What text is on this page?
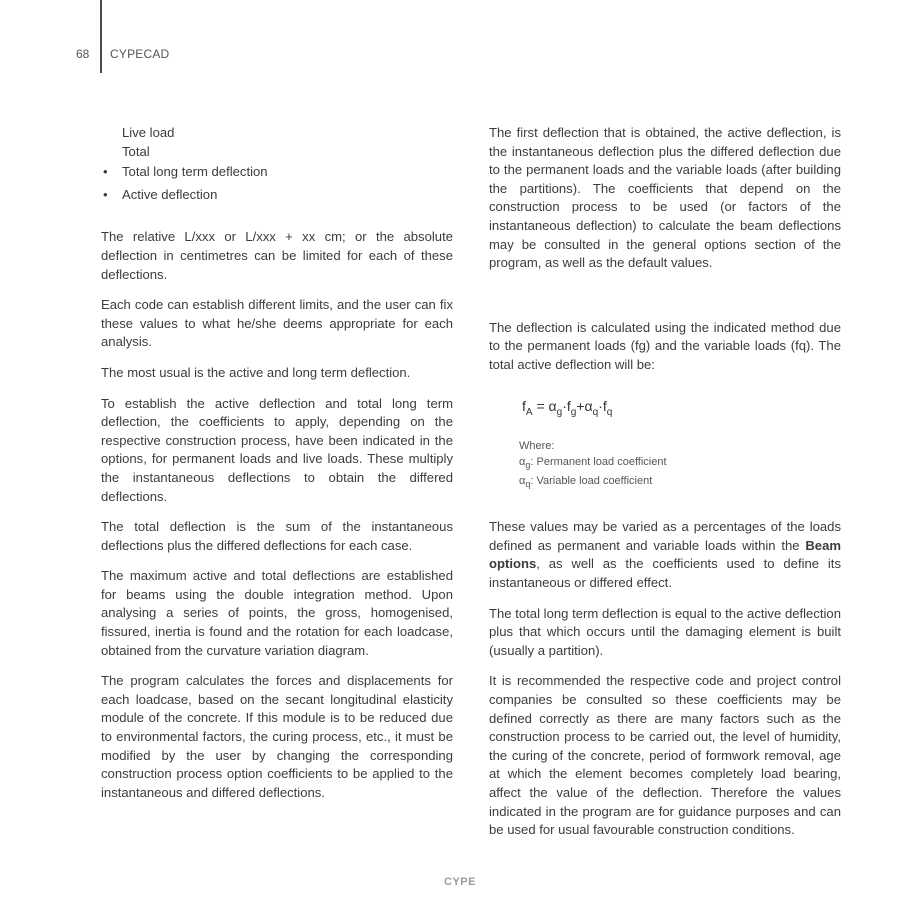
68 CYPECAD
Live load
Total
• Total long term deflection
• Active deflection

The relative L/xxx or L/xxx + xx cm; or the absolute deflection in centimetres can be limited for each of these deflections.

Each code can establish different limits, and the user can fix these values to what he/she deems appropriate for each analysis.

The most usual is the active and long term deflection.

To establish the active deflection and total long term deflection, the coefficients to apply, depending on the respective construction process, have been indicated in the options, for permanent loads and live loads. These multiply the instantaneous deflections to obtain the differed deflections.

The total deflection is the sum of the instantaneous deflections plus the differed deflections for each case.

The maximum active and total deflections are established for beams using the double integration method. Upon analysing a series of points, the gross, homogenised, fissured, inertia is found and the rotation for each loadcase, obtained from the curvature variation diagram.

The program calculates the forces and displacements for each loadcase, based on the secant longitudinal elasticity module of the concrete. If this module is to be reduced due to environmental factors, the curing process, etc., it must be modified by the user by changing the corresponding construction process option coefficients to be applied to the instantaneous and differed deflections.

The first deflection that is obtained, the active deflection, is the instantaneous deflection plus the differed deflection due to the permanent loads and the variable loads (after building the partitions). The coefficients that depend on the construction process to be used (or factors of the instantaneous deflection) to calculate the beam deflections may be consulted in the general options section of the program, as well as the default values.

The deflection is calculated using the indicated method due to the permanent loads (fg) and the variable loads (fq). The total active deflection will be:

$f_A = \alpha_g\cdot f_g+\alpha_q\cdot f_q$
Where:
$\alpha_g$: Permanent load coefficient
$\alpha_q$: Variable load coefficient

These values may be varied as a percentages of the loads defined as permanent and variable loads within the Beam options, as well as the coefficients used to define its instantaneous or differed effect.

The total long term deflection is equal to the active deflection plus that which occurs until the damaging element is built (usually a partition).

It is recommended the respective code and project control companies be consulted so these coefficients may be defined correctly as there are many factors such as the construction process to be carried out, the level of humidity, the curing of the concrete, period of formwork removal, age at which the element becomes completely load bearing, affect the value of the deflection. Therefore the values indicated in the program are for guidance purposes and can be used for usual favourable construction conditions.

CYPE
